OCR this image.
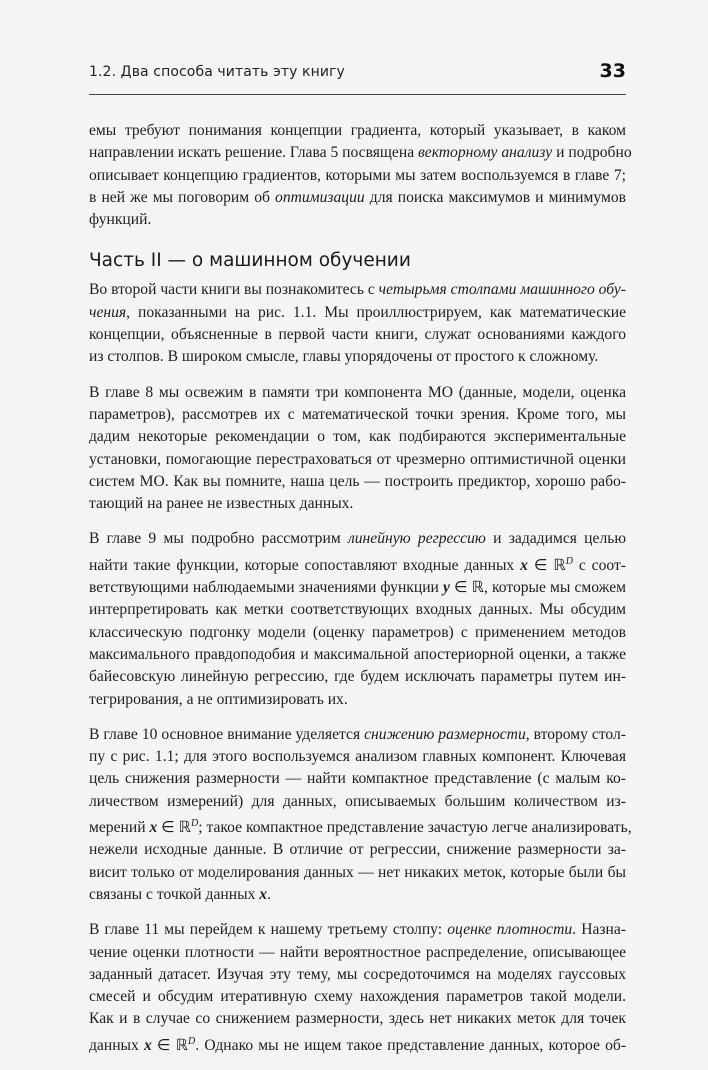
1.2. Два способа читать эту книгу	33
емы требуют понимания концепции градиента, который указывает, в каком
направлении искать решение. Глава 5 посвящена векторному анализу и подробно
описывает концепцию градиентов, которыми мы затем воспользуемся в главе 7;
в ней же мы поговорим об оптимизации для поиска максимумов и минимумов
функций.
Часть II — о машинном обучении
Во второй части книги вы познакомитесь с четырьмя столпами машинного обу-
чения, показанными на рис. 1.1. Мы проиллюстрируем, как математические
концепции, объясненные в первой части книги, служат основаниями каждого
из столпов. В широком смысле, главы упорядочены от простого к сложному.
В главе 8 мы освежим в памяти три компонента МО (данные, модели, оценка
параметров), рассмотрев их с математической точки зрения. Кроме того, мы
дадим некоторые рекомендации о том, как подбираются экспериментальные
установки, помогающие перестраховаться от чрезмерно оптимистичной оценки
систем МО. Как вы помните, наша цель — построить предиктор, хорошо рабо-
тающий на ранее не известных данных.
В главе 9 мы подробно рассмотрим линейную регрессию и зададимся целью
найти такие функции, которые сопоставляют входные данных x ∈ ℝ$^D$ с соот-
ветствующими наблюдаемыми значениями функции y ∈ ℝ, которые мы сможем
интерпретировать как метки соответствующих входных данных. Мы обсудим
классическую подгонку модели (оценку параметров) с применением методов
максимального правдоподобия и максимальной апостериорной оценки, а также
байесовскую линейную регрессию, где будем исключать параметры путем ин-
тегрирования, а не оптимизировать их.
В главе 10 основное внимание уделяется снижению размерности, второму стол-
пу с рис. 1.1; для этого воспользуемся анализом главных компонент. Ключевая
цель снижения размерности — найти компактное представление (с малым ко-
личеством измерений) для данных, описываемых большим количеством из-
мерений x ∈ ℝ$^D$; такое компактное представление зачастую легче анализировать,
нежели исходные данные. В отличие от регрессии, снижение размерности за-
висит только от моделирования данных — нет никаких меток, которые были бы
связаны с точкой данных x.
В главе 11 мы перейдем к нашему третьему столпу: оценке плотности. Назна-
чение оценки плотности — найти вероятностное распределение, описывающее
заданный датасет. Изучая эту тему, мы сосредоточимся на моделях гауссовых
смесей и обсудим итеративную схему нахождения параметров такой модели.
Как и в случае со снижением размерности, здесь нет никаких меток для точек
данных x ∈ ℝ$^D$. Однако мы не ищем такое представление данных, которое об-
